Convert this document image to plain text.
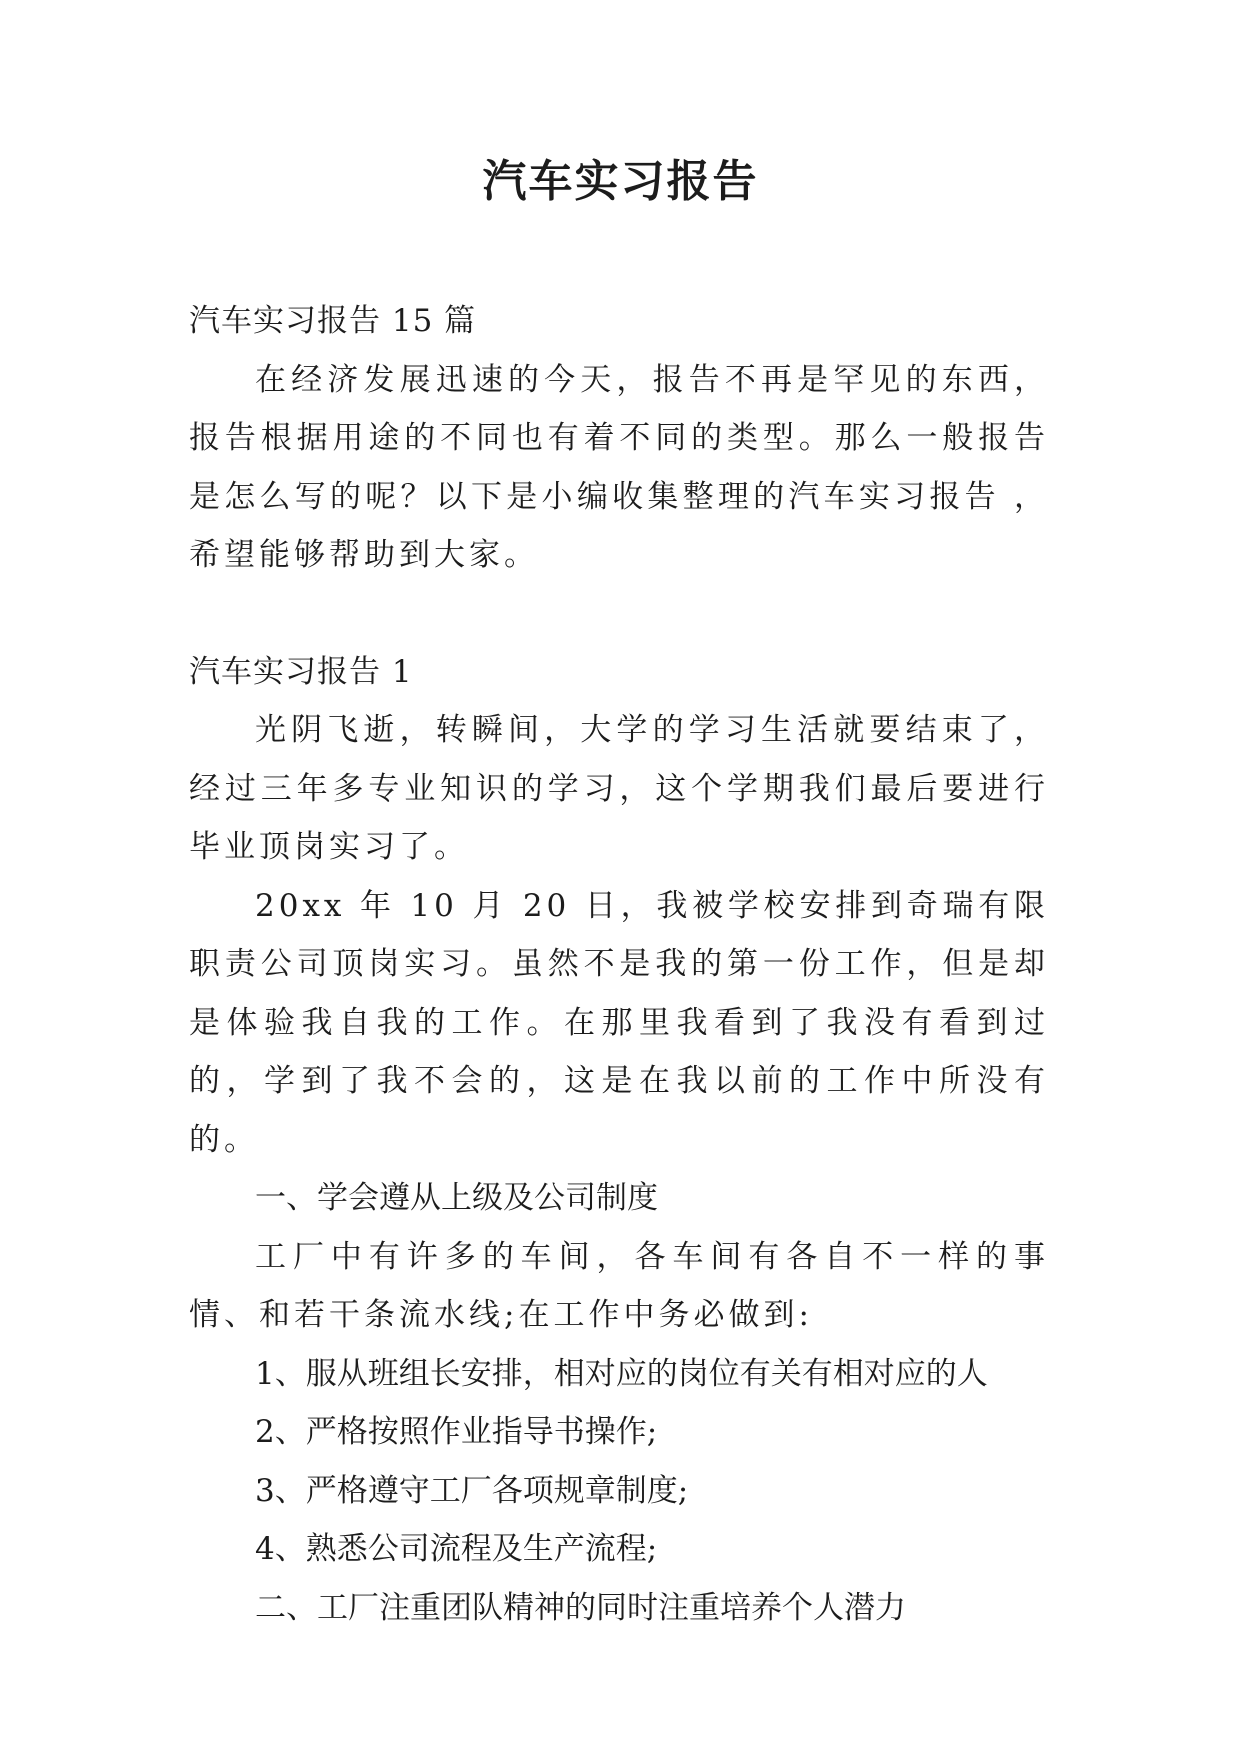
汽车实习报告

汽车实习报告 15 篇

在经济发展迅速的今天，报告不再是罕见的东西，报告根据用途的不同也有着不同的类型。那么一般报告是怎么写的呢？以下是小编收集整理的汽车实习报告 ，希望能够帮助到大家。

汽车实习报告 1

光阴飞逝，转瞬间，大学的学习生活就要结束了，经过三年多专业知识的学习，这个学期我们最后要进行毕业顶岗实习了。

20xx 年 10 月 20 日，我被学校安排到奇瑞有限职责公司顶岗实习。虽然不是我的第一份工作，但是却是体验我自我的工作。在那里我看到了我没有看到过的，学到了我不会的，这是在我以前的工作中所没有的。

一、学会遵从上级及公司制度

工厂中有许多的车间，各车间有各自不一样的事情、和若干条流水线;在工作中务必做到:

1、服从班组长安排，相对应的岗位有关有相对应的人

2、严格按照作业指导书操作;

3、严格遵守工厂各项规章制度;

4、熟悉公司流程及生产流程;

二、工厂注重团队精神的同时注重培养个人潜力
